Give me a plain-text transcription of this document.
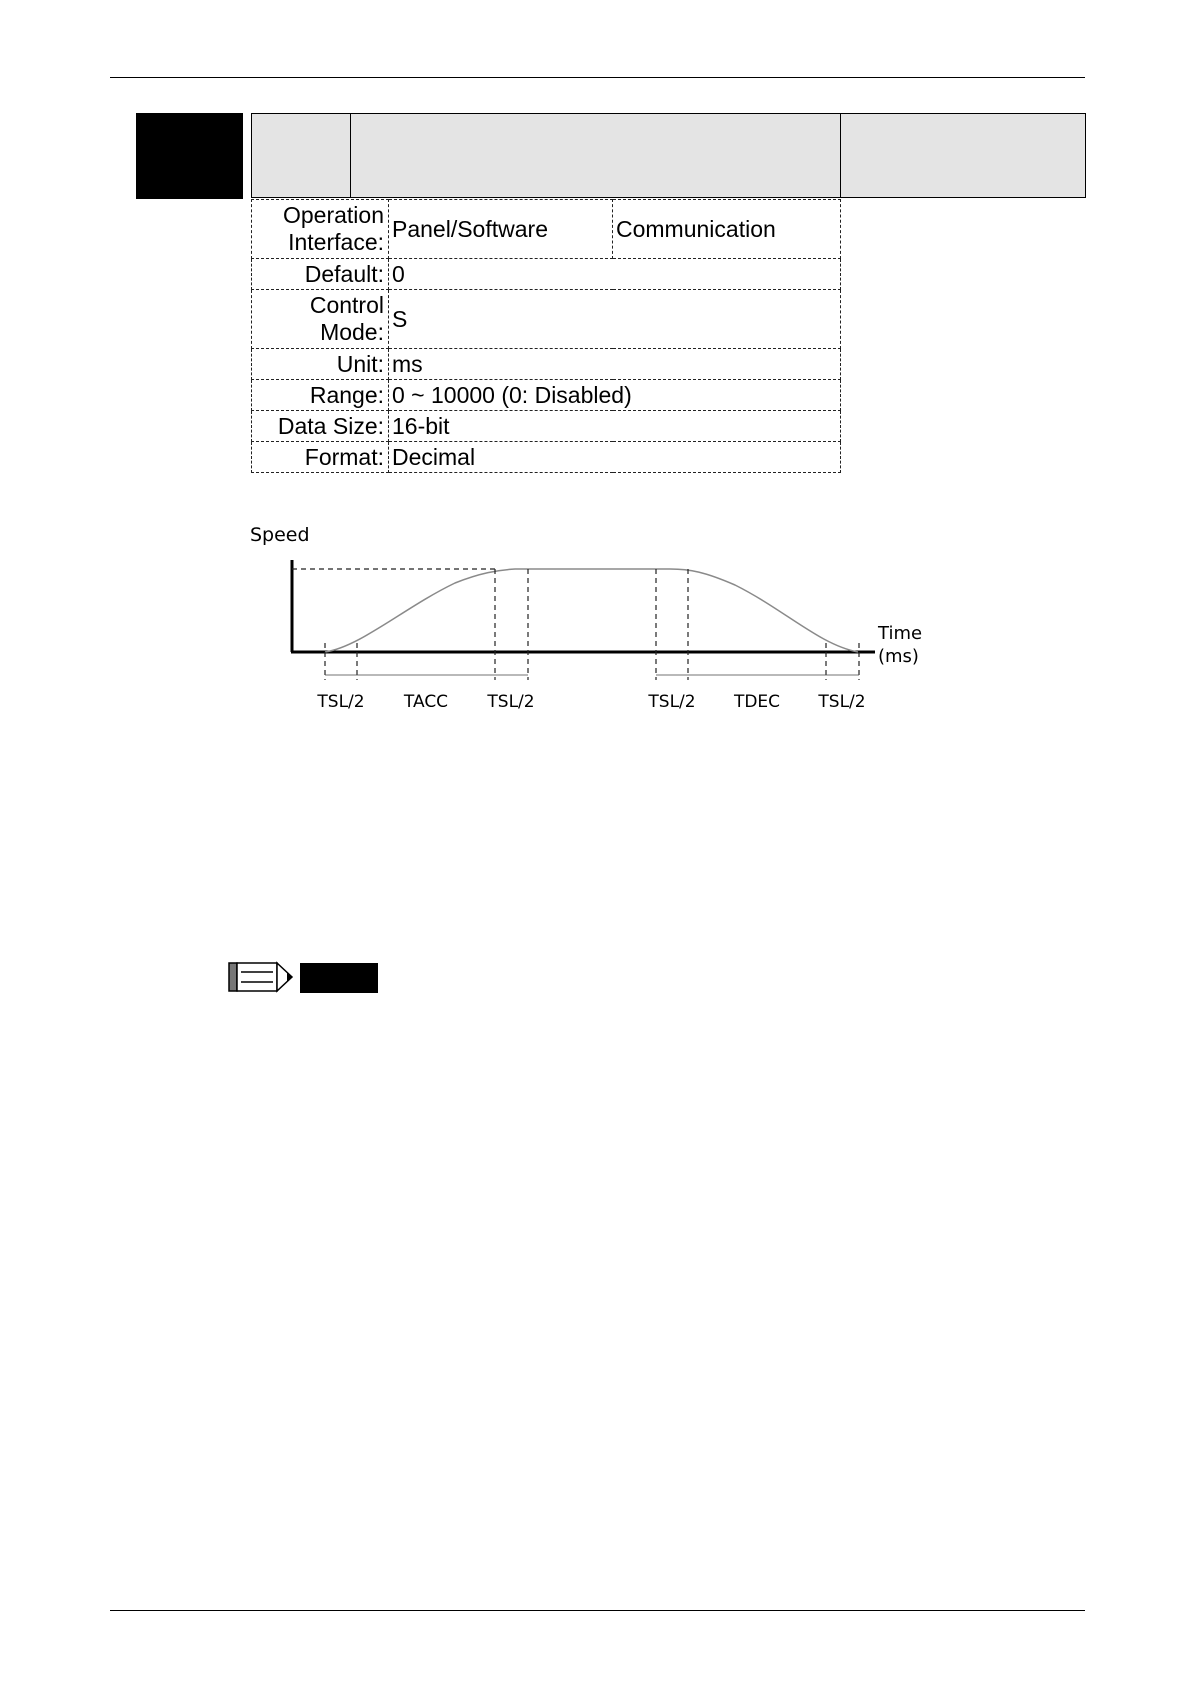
Operation
Interface:	Panel/Software	Communication
Default:	0	
Control
Mode:	S	
Unit:	ms	
Range:	0 ~ 10000 (0: Disabled)	
Data Size:	16-bit	
Format:	Decimal	
Speed
Time
(ms)
TSL/2 TACC TSL/2	TSL/2 TDEC TSL/2
